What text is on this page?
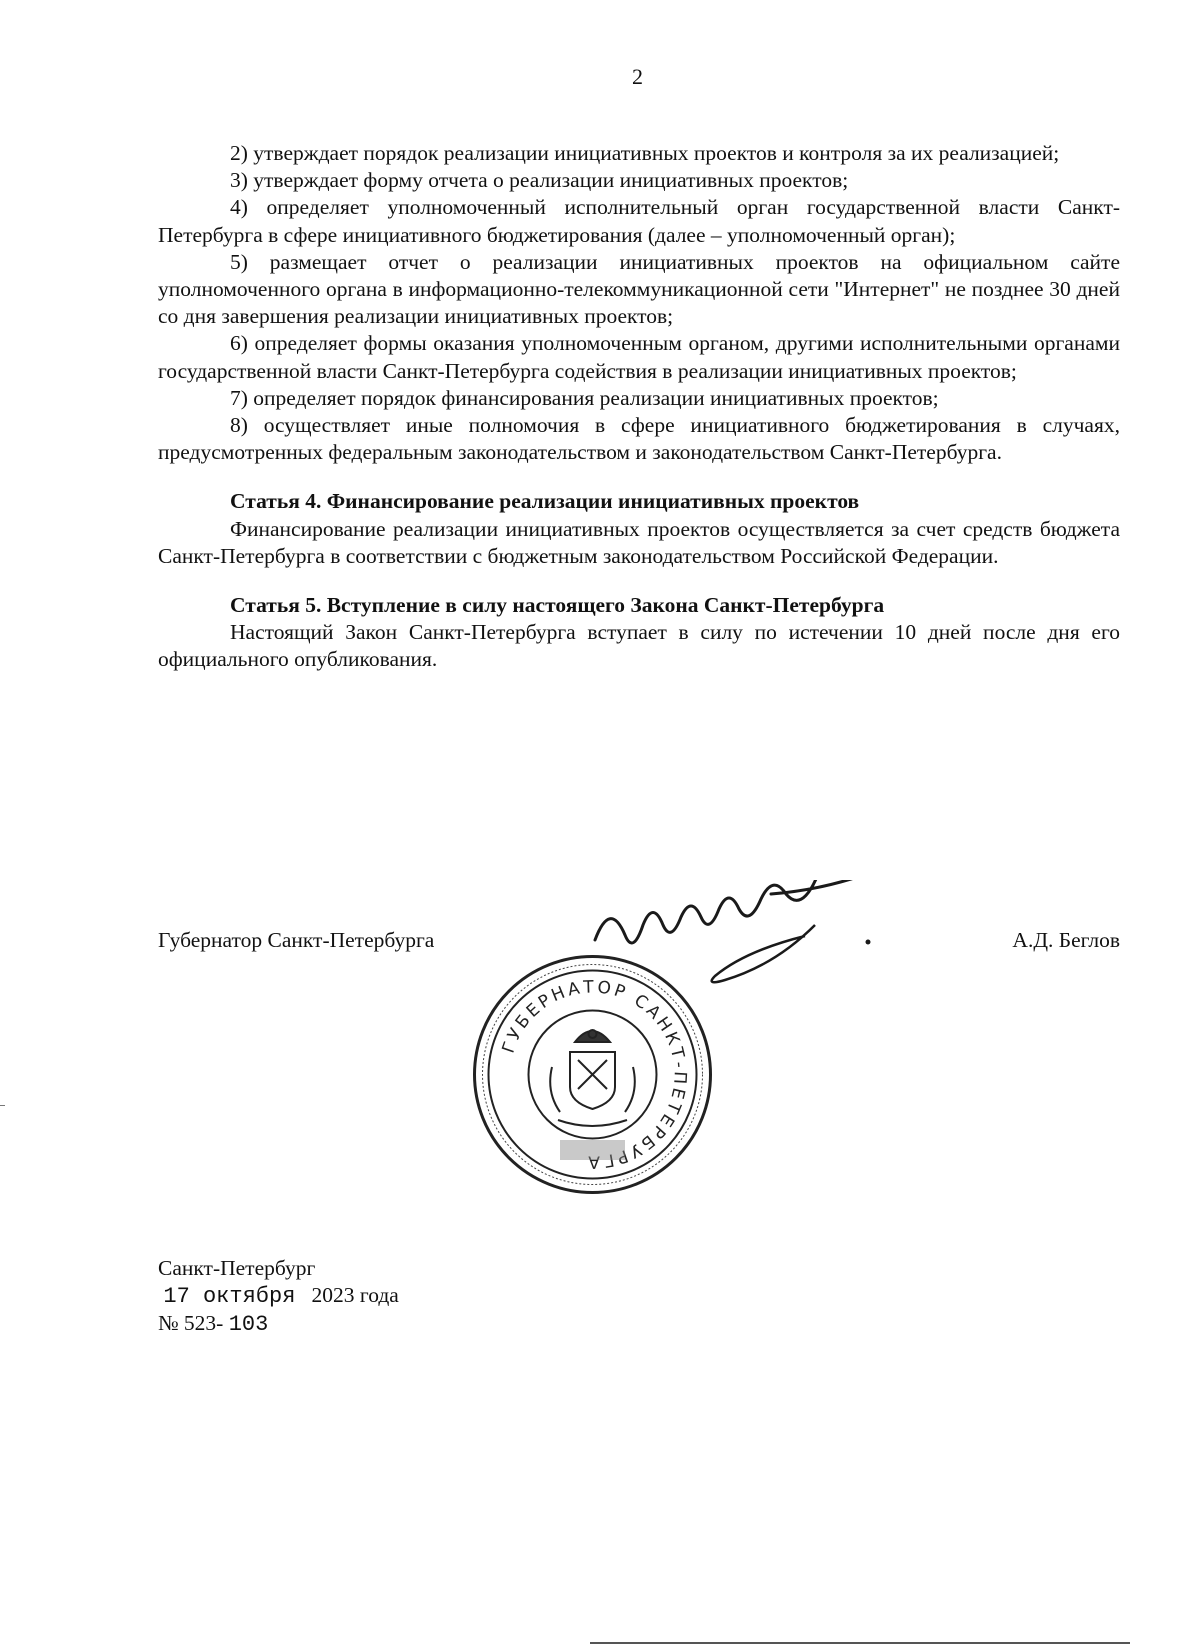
2

2) утверждает порядок реализации инициативных проектов и контроля за их реализацией;

3) утверждает форму отчета о реализации инициативных проектов;

4) определяет уполномоченный исполнительный орган государственной власти Санкт-Петербурга в сфере инициативного бюджетирования (далее – уполномоченный орган);

5) размещает отчет о реализации инициативных проектов на официальном сайте уполномоченного органа в информационно-телекоммуникационной сети "Интернет" не позднее 30 дней со дня завершения реализации инициативных проектов;

6) определяет формы оказания уполномоченным органом, другими исполнительными органами государственной власти Санкт-Петербурга содействия в реализации инициативных проектов;

7) определяет порядок финансирования реализации инициативных проектов;

8) осуществляет иные полномочия в сфере инициативного бюджетирования в случаях, предусмотренных федеральным законодательством и законодательством Санкт-Петербурга.

Статья 4. Финансирование реализации инициативных проектов

Финансирование реализации инициативных проектов осуществляется за счет средств бюджета Санкт-Петербурга в соответствии с бюджетным законодательством Российской Федерации.

Статья 5. Вступление в силу настоящего Закона Санкт-Петербурга

Настоящий Закон Санкт-Петербурга вступает в силу по истечении 10 дней после дня его официального опубликования.

Губернатор Санкт-Петербурга	А.Д. Беглов
ГУБЕРНАТОР САНКТ-ПЕТЕРБУРГА
Санкт-Петербург
17 октября 2023 года
№ 523- 103
